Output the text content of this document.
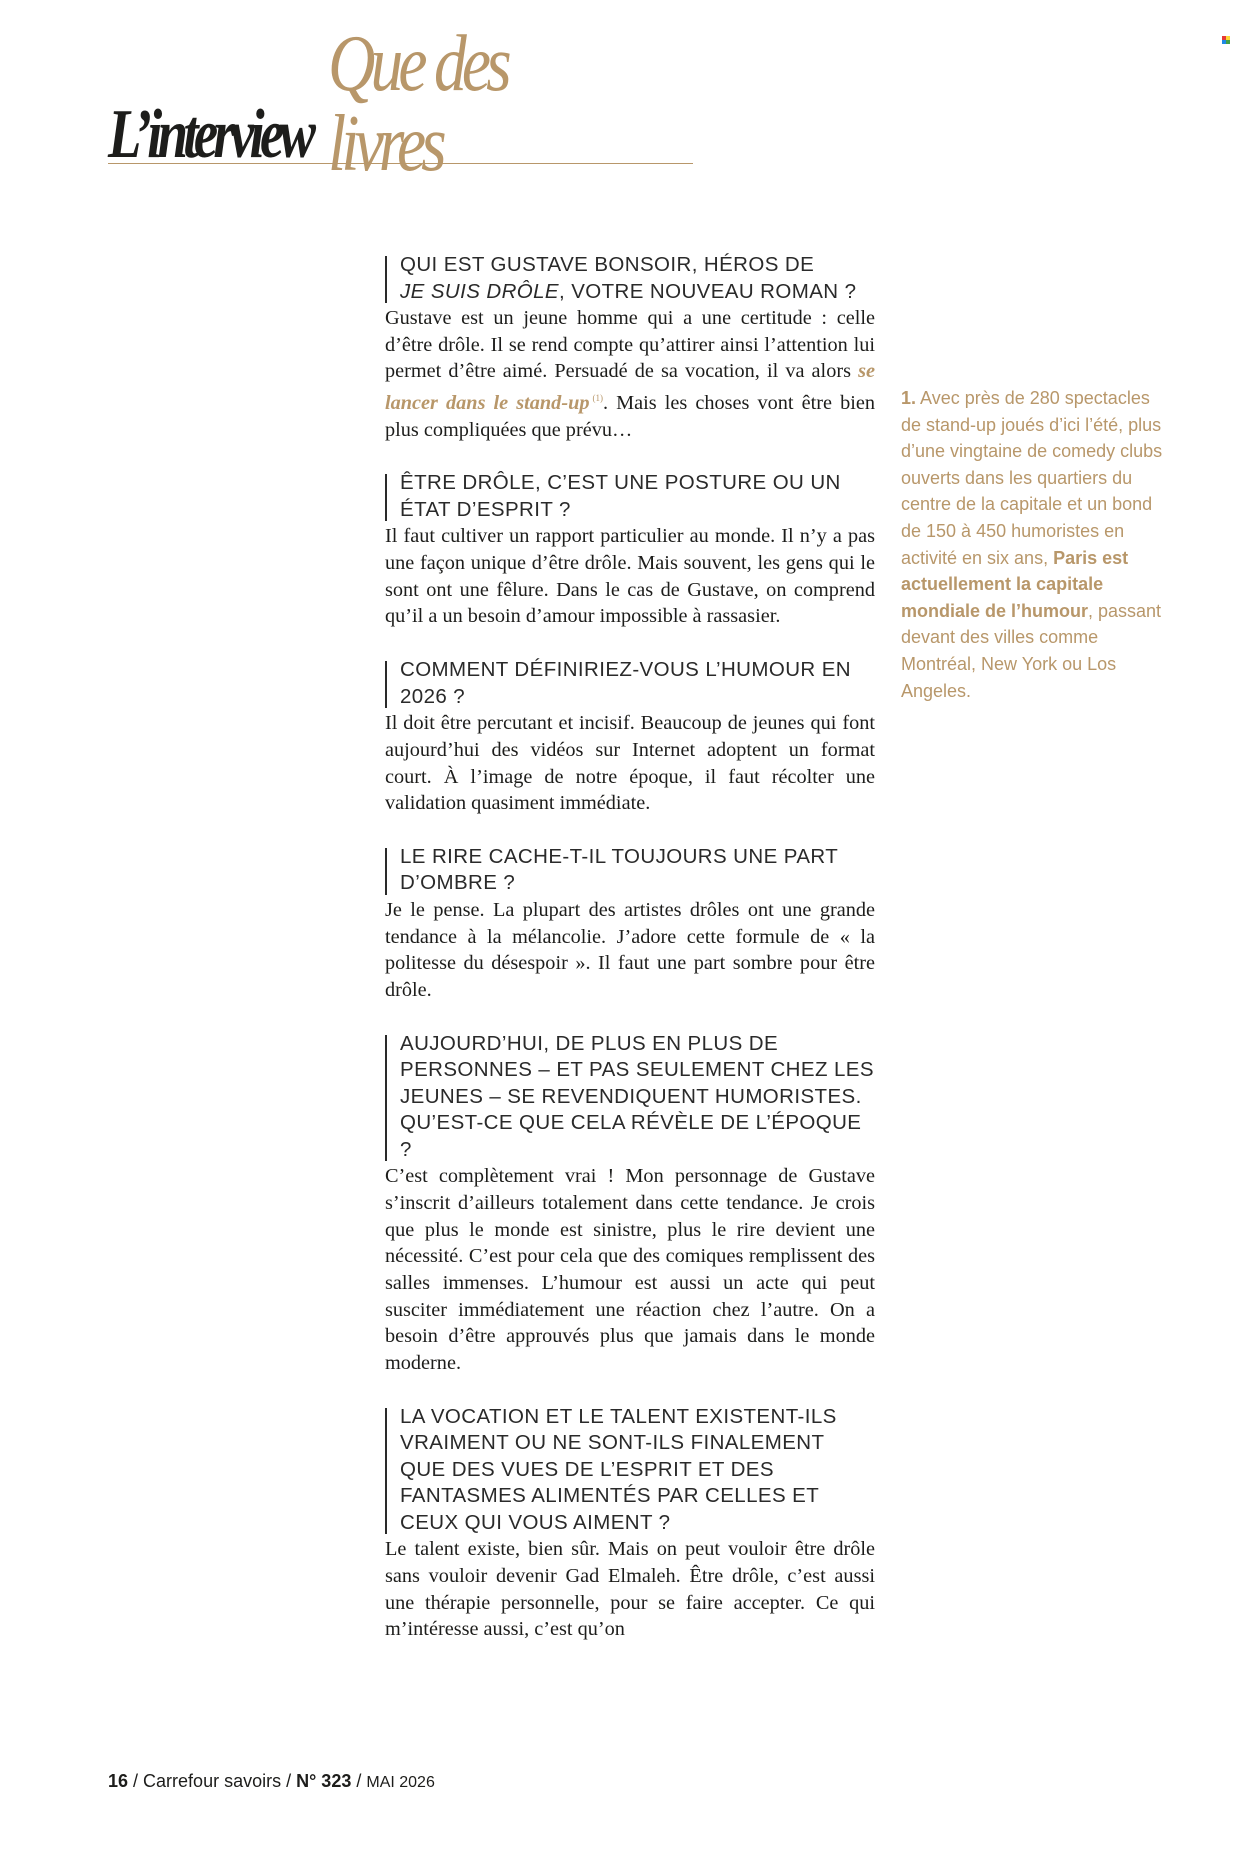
L’interview
Que des livres
QUI EST GUSTAVE BONSOIR, HÉROS DE
JE SUIS DRÔLE, VOTRE NOUVEAU ROMAN ?
Gustave est un jeune homme qui a une certitude : celle d’être drôle. Il se rend compte qu’attirer ainsi l’attention lui permet d’être aimé. Persuadé de sa vocation, il va alors se lancer dans le stand-up $^{(1)}$. Mais les choses vont être bien plus compliquées que prévu…
ÊTRE DRÔLE, C’EST UNE POSTURE OU UN ÉTAT D’ESPRIT ?
Il faut cultiver un rapport particulier au monde. Il n’y a pas une façon unique d’être drôle. Mais souvent, les gens qui le sont ont une fêlure. Dans le cas de Gustave, on comprend qu’il a un besoin d’amour impossible à rassasier.
COMMENT DÉFINIRIEZ-VOUS L’HUMOUR EN 2026 ?
Il doit être percutant et incisif. Beaucoup de jeunes qui font aujourd’hui des vidéos sur Internet adoptent un format court. À l’image de notre époque, il faut récolter une validation quasiment immédiate.
LE RIRE CACHE-T-IL TOUJOURS UNE PART D’OMBRE ?
Je le pense. La plupart des artistes drôles ont une grande tendance à la mélancolie. J’adore cette formule de « la politesse du désespoir ». Il faut une part sombre pour être drôle.
AUJOURD’HUI, DE PLUS EN PLUS DE PERSONNES – ET PAS SEULEMENT CHEZ LES JEUNES – SE REVENDIQUENT HUMORISTES. QU’EST-CE QUE CELA RÉVÈLE DE L’ÉPOQUE ?
C’est complètement vrai ! Mon personnage de Gustave s’inscrit d’ailleurs totalement dans cette tendance. Je crois que plus le monde est sinistre, plus le rire devient une nécessité. C’est pour cela que des comiques remplissent des salles immenses. L’humour est aussi un acte qui peut susciter immédiatement une réaction chez l’autre. On a besoin d’être approuvés plus que jamais dans le monde moderne.
LA VOCATION ET LE TALENT EXISTENT-ILS VRAIMENT OU NE SONT-ILS FINALEMENT QUE DES VUES DE L’ESPRIT ET DES FANTASMES ALIMENTÉS PAR CELLES ET CEUX QUI VOUS AIMENT ?
Le talent existe, bien sûr. Mais on peut vouloir être drôle sans vouloir devenir Gad Elmaleh. Être drôle, c’est aussi une thérapie personnelle, pour se faire accepter. Ce qui m’intéresse aussi, c’est qu’on
1. Avec près de 280 spectacles de stand-up joués d’ici l’été, plus d’une vingtaine de comedy clubs ouverts dans les quartiers du centre de la capitale et un bond de 150 à 450 humoristes en activité en six ans, Paris est actuellement la capitale mondiale de l’humour, passant devant des villes comme Montréal, New York ou Los Angeles.
16 / Carrefour savoirs / N° 323 / MAI 2026
